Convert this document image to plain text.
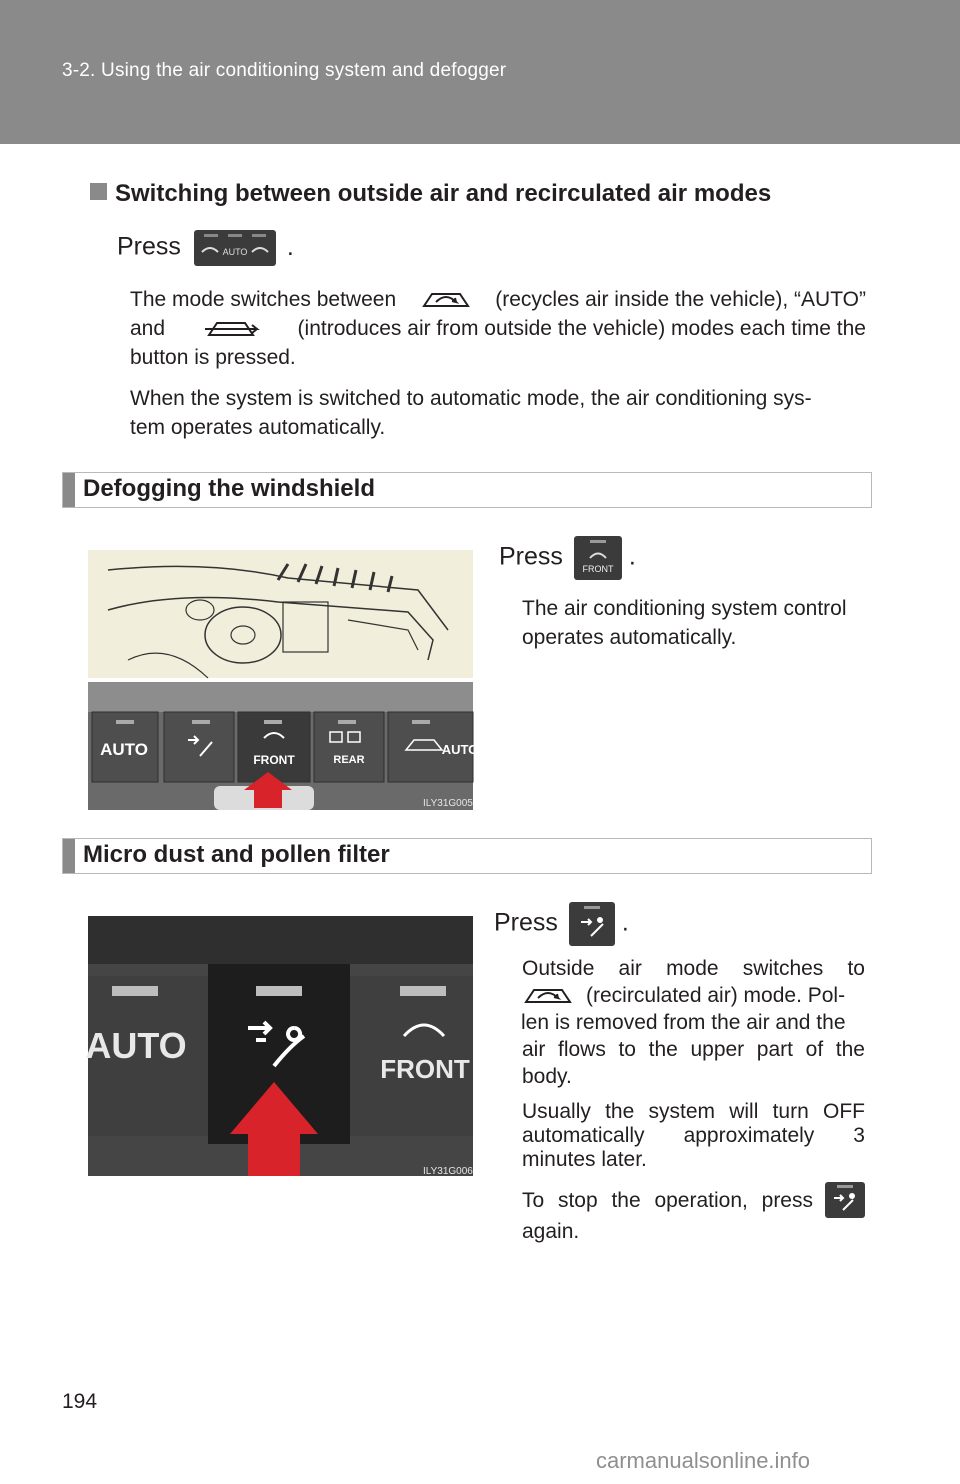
3-2. Using the air conditioning system and defogger
Switching between outside air and recirculated air modes
Press	AUTO .
The mode switches between	(recycles air inside the vehicle), “AUTO”
and	(introduces air from outside the vehicle) modes each time the
button is pressed.
When the system is switched to automatic mode, the air conditioning sys-
tem operates automatically.
Defogging the windshield
AUTO
FRONT	REAR
AUTO
ILY31G005
Press FRONT .
The air conditioning system control
operates automatically.
Micro dust and pollen filter
AUTO
FRONT
ILY31G006
Press	.
Outside air mode switches to
(recirculated air) mode. Pol-
len is removed from the air and the
air flows to the upper part of the
body.
Usually the system will turn OFF
automatically approximately 3
minutes later.
To stop the operation, press
again.
194
carmanualsonline.info
